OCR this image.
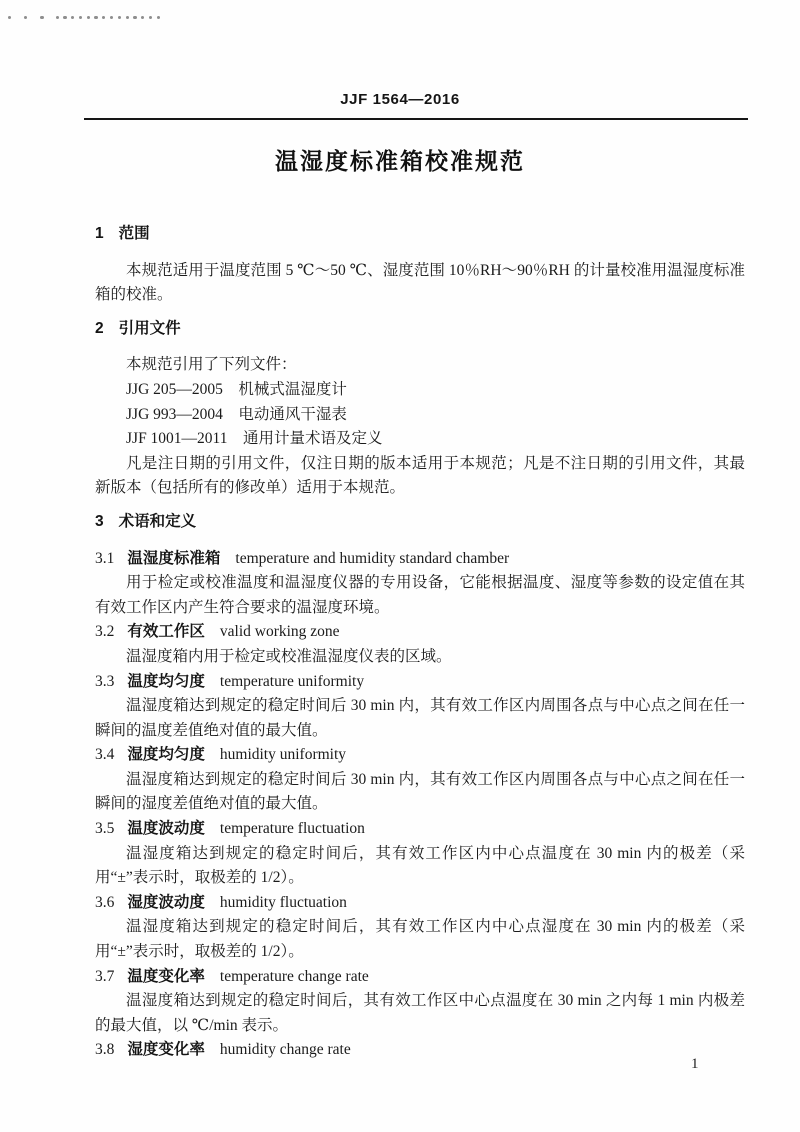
JJF 1564—2016
温湿度标准箱校准规范
1 范围

本规范适用于温度范围 5 ℃～50 ℃、湿度范围 10％RH～90％RH 的计量校准用温湿度标准箱的校准。

2 引用文件

本规范引用了下列文件：

JJG 205—2005　机械式温湿度计

JJG 993—2004　电动通风干湿表

JJF 1001—2011　通用计量术语及定义

凡是注日期的引用文件，仅注日期的版本适用于本规范；凡是不注日期的引用文件，其最新版本（包括所有的修改单）适用于本规范。

3 术语和定义
3.1 温湿度标准箱 temperature and humidity standard chamber

用于检定或校准温度和温湿度仪器的专用设备，它能根据温度、湿度等参数的设定值在其有效工作区内产生符合要求的温湿度环境。

3.2 有效工作区 valid working zone

温湿度箱内用于检定或校准温湿度仪表的区域。

3.3 温度均匀度 temperature uniformity

温湿度箱达到规定的稳定时间后 30 min 内，其有效工作区内周围各点与中心点之间在任一瞬间的温度差值绝对值的最大值。

3.4 湿度均匀度 humidity uniformity

温湿度箱达到规定的稳定时间后 30 min 内，其有效工作区内周围各点与中心点之间在任一瞬间的湿度差值绝对值的最大值。

3.5 温度波动度 temperature fluctuation

温湿度箱达到规定的稳定时间后，其有效工作区内中心点温度在 30 min 内的极差（采用“±”表示时，取极差的 1/2）。

3.6 湿度波动度 humidity fluctuation

温湿度箱达到规定的稳定时间后，其有效工作区内中心点湿度在 30 min 内的极差（采用“±”表示时，取极差的 1/2）。

3.7 温度变化率 temperature change rate

温湿度箱达到规定的稳定时间后，其有效工作区中心点温度在 30 min 之内每 1 min 内极差的最大值，以 ℃/min 表示。

3.8 湿度变化率 humidity change rate
1
